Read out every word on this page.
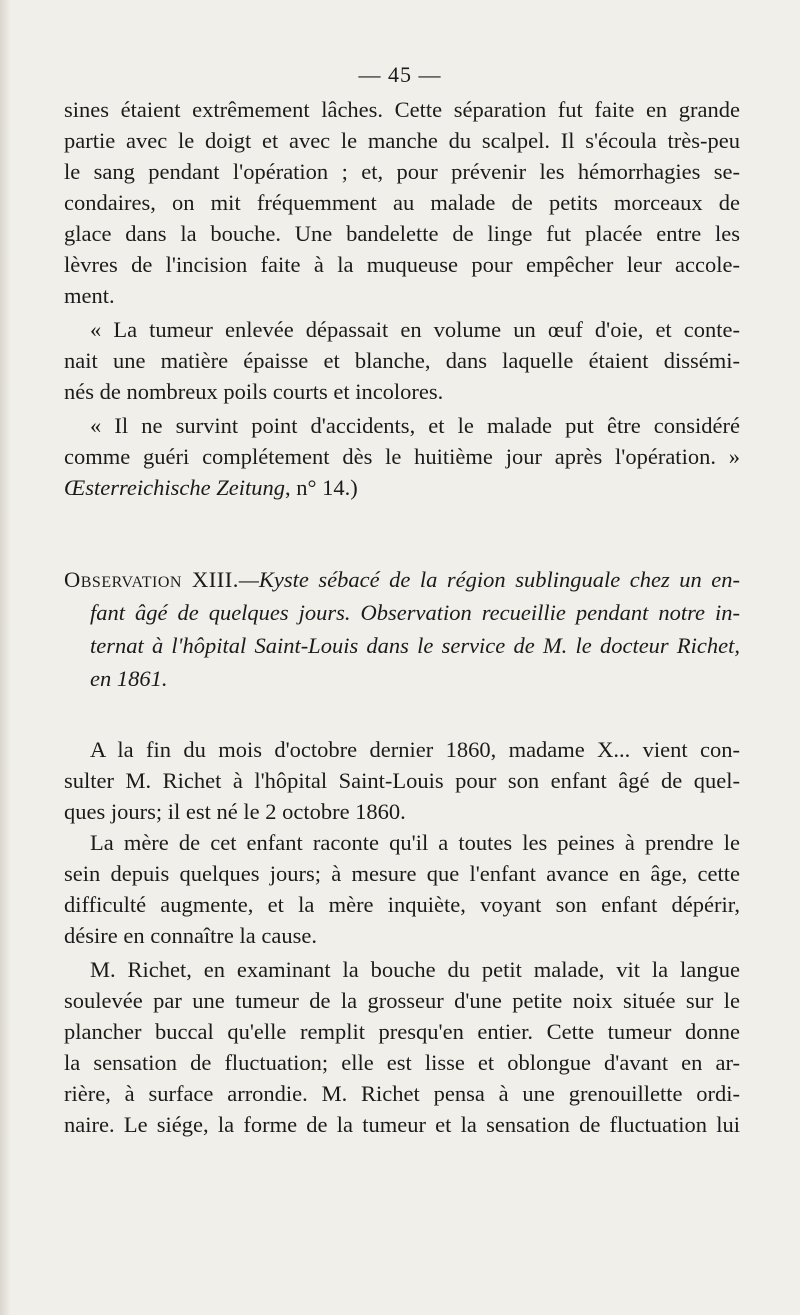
— 45 —
sines étaient extrêmement lâches. Cette séparation fut faite en grande
partie avec le doigt et avec le manche du scalpel. Il s'écoula très-peu
le sang pendant l'opération ; et, pour prévenir les hémorrhagies se-
condaires, on mit fréquemment au malade de petits morceaux de
glace dans la bouche. Une bandelette de linge fut placée entre les
lèvres de l'incision faite à la muqueuse pour empêcher leur accole-
ment.
« La tumeur enlevée dépassait en volume un œuf d'oie, et conte-
nait une matière épaisse et blanche, dans laquelle étaient dissémi-
nés de nombreux poils courts et incolores.
« Il ne survint point d'accidents, et le malade put être considéré
comme guéri complétement dès le huitième jour après l'opération. »
Œsterreichische Zeitung, n° 14.)
Observation XIII.—Kyste sébacé de la région sublinguale chez un en-
fant âgé de quelques jours. Observation recueillie pendant notre in-
ternat à l'hôpital Saint-Louis dans le service de M. le docteur Richet,
en 1861.
A la fin du mois d'octobre dernier 1860, madame X... vient con-
sulter M. Richet à l'hôpital Saint-Louis pour son enfant âgé de quel-
ques jours; il est né le 2 octobre 1860.
La mère de cet enfant raconte qu'il a toutes les peines à prendre le
sein depuis quelques jours; à mesure que l'enfant avance en âge, cette
difficulté augmente, et la mère inquiète, voyant son enfant dépérir,
désire en connaître la cause.
M. Richet, en examinant la bouche du petit malade, vit la langue
soulevée par une tumeur de la grosseur d'une petite noix située sur le
plancher buccal qu'elle remplit presqu'en entier. Cette tumeur donne
la sensation de fluctuation; elle est lisse et oblongue d'avant en ar-
rière, à surface arrondie. M. Richet pensa à une grenouillette ordi-
naire. Le siége, la forme de la tumeur et la sensation de fluctuation lui
